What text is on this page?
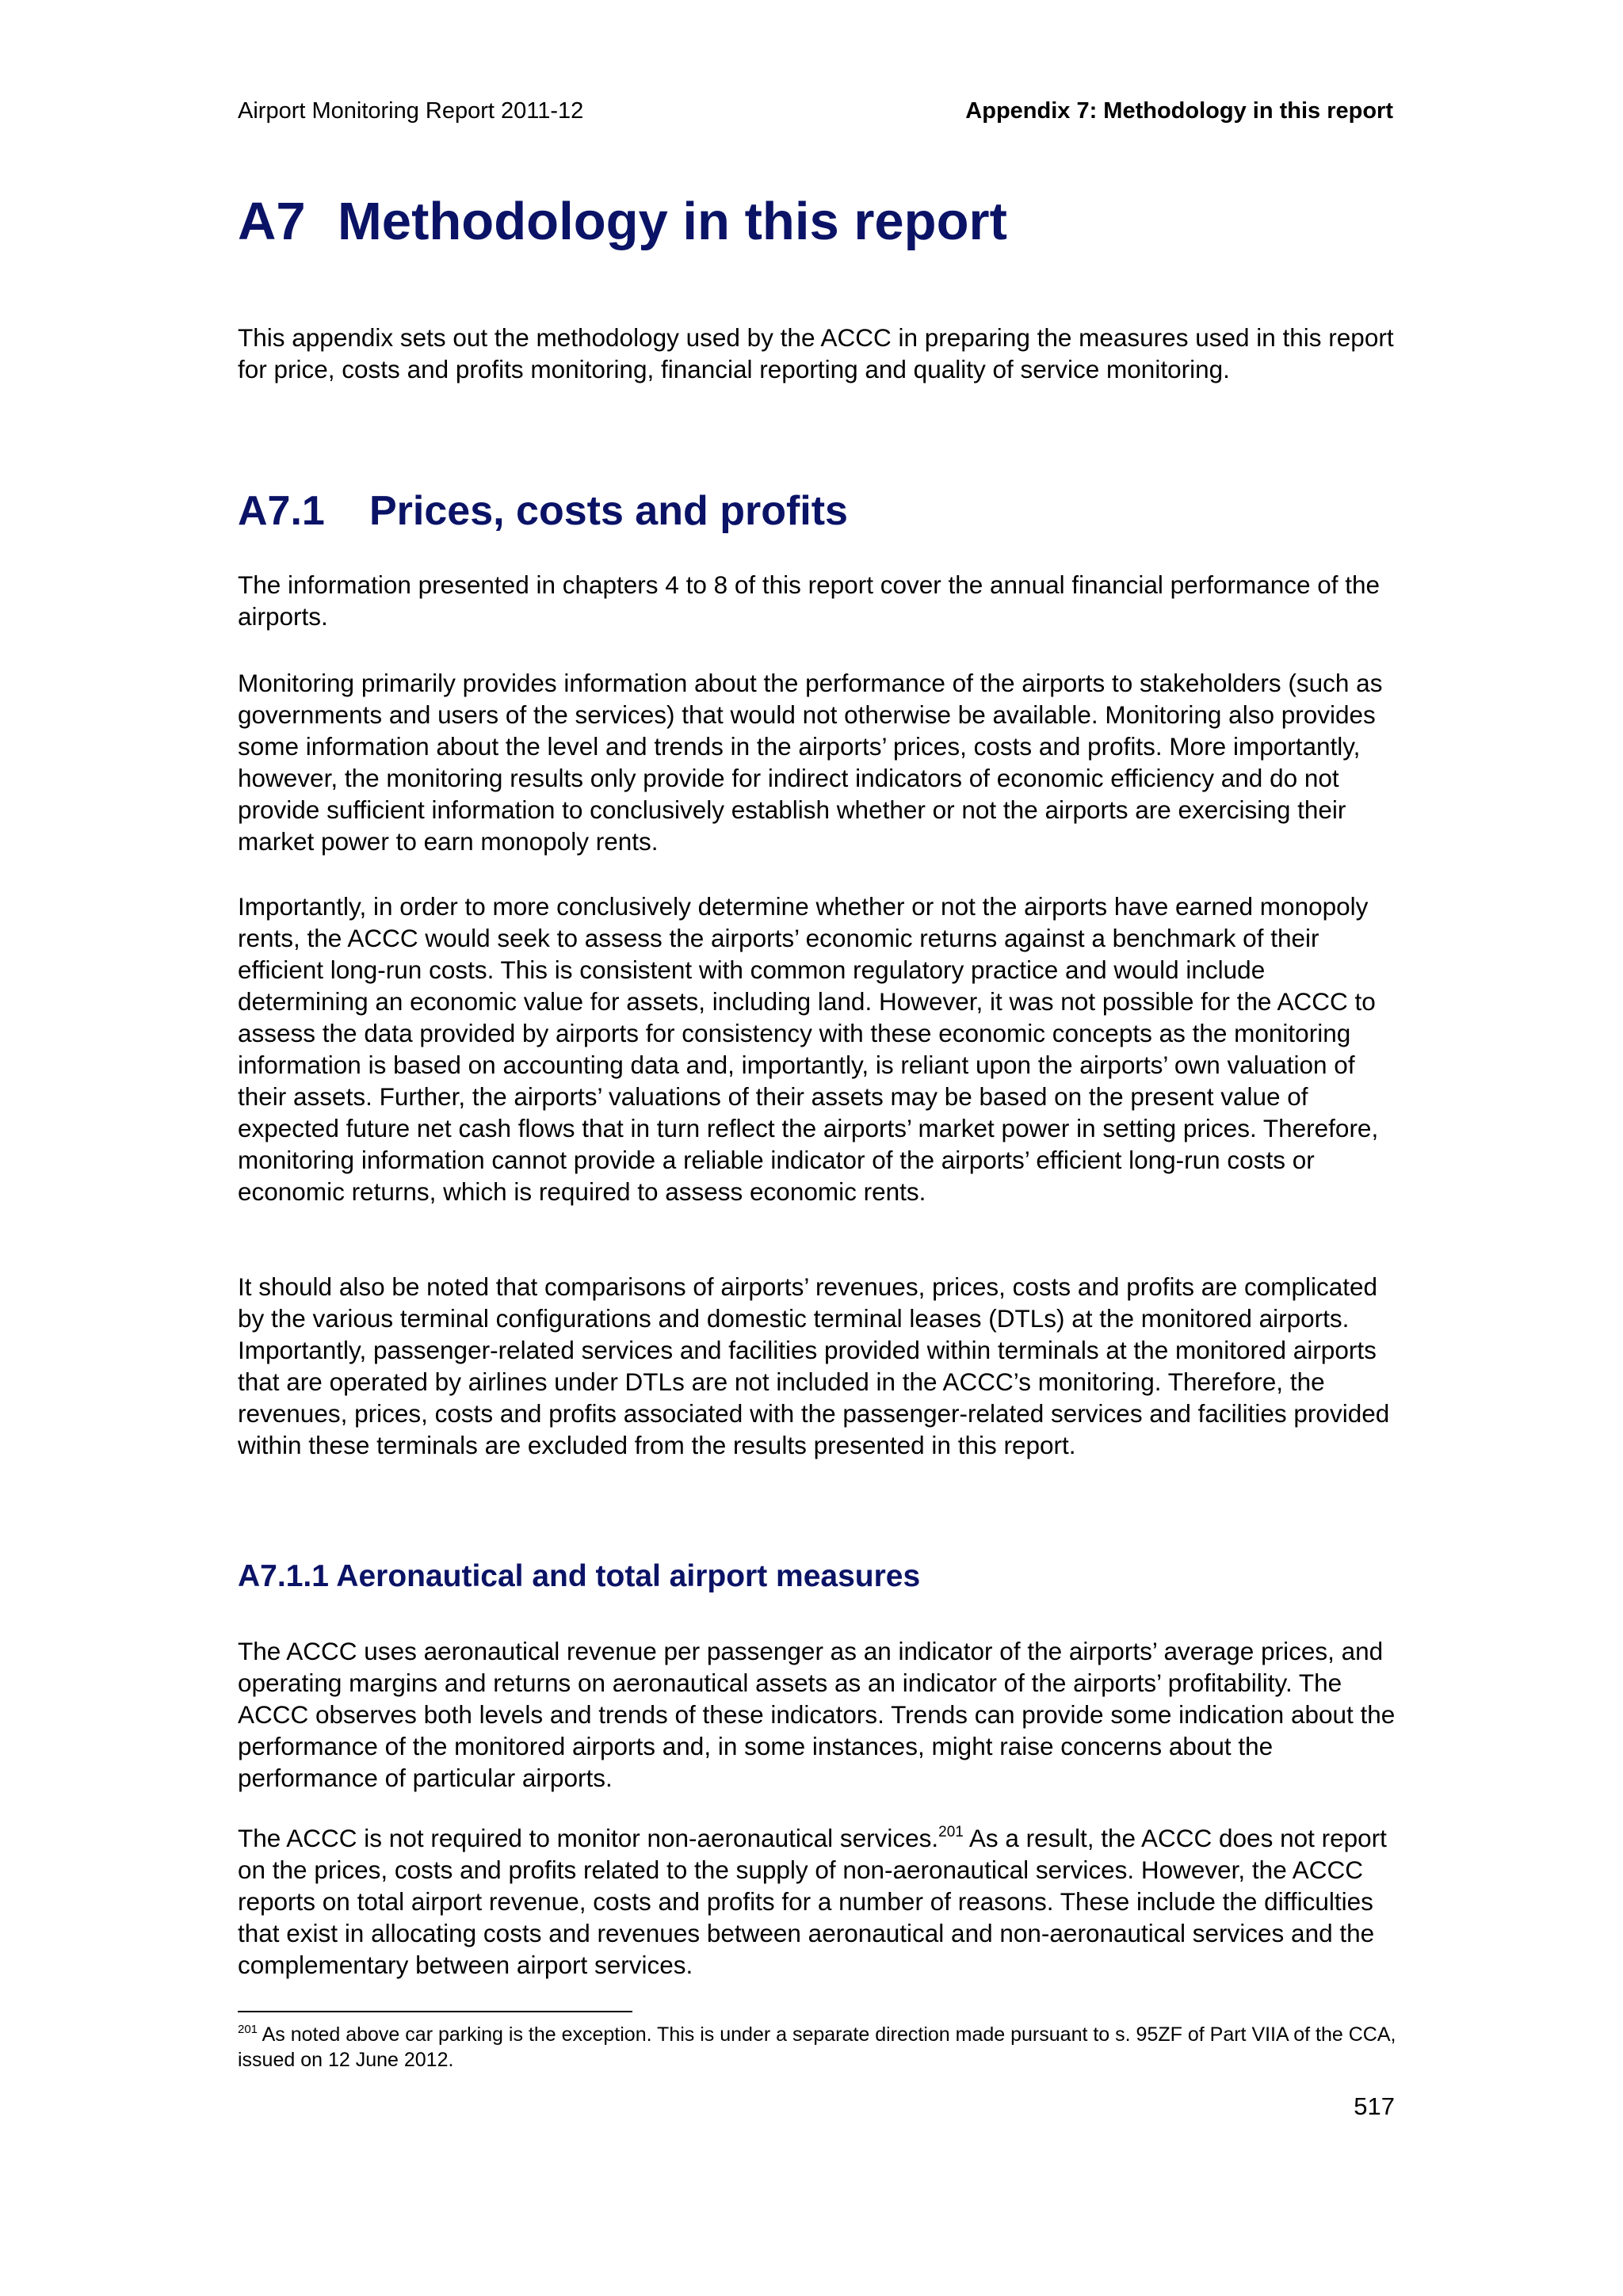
Airport Monitoring Report 2011-12	Appendix 7: Methodology in this report
A7 Methodology in this report

This appendix sets out the methodology used by the ACCC in preparing the measures used in this report for price, costs and profits monitoring, financial reporting and quality of service monitoring.

A7.1 Prices, costs and profits

The information presented in chapters 4 to 8 of this report cover the annual financial performance of the airports.

Monitoring primarily provides information about the performance of the airports to stakeholders (such as governments and users of the services) that would not otherwise be available. Monitoring also provides some information about the level and trends in the airports’ prices, costs and profits. More importantly, however, the monitoring results only provide for indirect indicators of economic efficiency and do not provide sufficient information to conclusively establish whether or not the airports are exercising their market power to earn monopoly rents.

Importantly, in order to more conclusively determine whether or not the airports have earned monopoly rents, the ACCC would seek to assess the airports’ economic returns against a benchmark of their efficient long-run costs. This is consistent with common regulatory practice and would include determining an economic value for assets, including land. However, it was not possible for the ACCC to assess the data provided by airports for consistency with these economic concepts as the monitoring information is based on accounting data and, importantly, is reliant upon the airports’ own valuation of their assets. Further, the airports’ valuations of their assets may be based on the present value of expected future net cash flows that in turn reflect the airports’ market power in setting prices. Therefore, monitoring information cannot provide a reliable indicator of the airports’ efficient long-run costs or economic returns, which is required to assess economic rents.

It should also be noted that comparisons of airports’ revenues, prices, costs and profits are complicated by the various terminal configurations and domestic terminal leases (DTLs) at the monitored airports. Importantly, passenger-related services and facilities provided within terminals at the monitored airports that are operated by airlines under DTLs are not included in the ACCC’s monitoring. Therefore, the revenues, prices, costs and profits associated with the passenger-related services and facilities provided within these terminals are excluded from the results presented in this report.

A7.1.1 Aeronautical and total airport measures

The ACCC uses aeronautical revenue per passenger as an indicator of the airports’ average prices, and operating margins and returns on aeronautical assets as an indicator of the airports’ profitability. The ACCC observes both levels and trends of these indicators. Trends can provide some indication about the performance of the monitored airports and, in some instances, might raise concerns about the performance of particular airports.

The ACCC is not required to monitor non-aeronautical services.$^{201}$ As a result, the ACCC does not report on the prices, costs and profits related to the supply of non-aeronautical services. However, the ACCC reports on total airport revenue, costs and profits for a number of reasons. These include the difficulties that exist in allocating costs and revenues between aeronautical and non-aeronautical services and the complementary between airport services.

$^{201}$ As noted above car parking is the exception. This is under a separate direction made pursuant to s. 95ZF of Part VIIA of the CCA, issued on 12 June 2012.

517
